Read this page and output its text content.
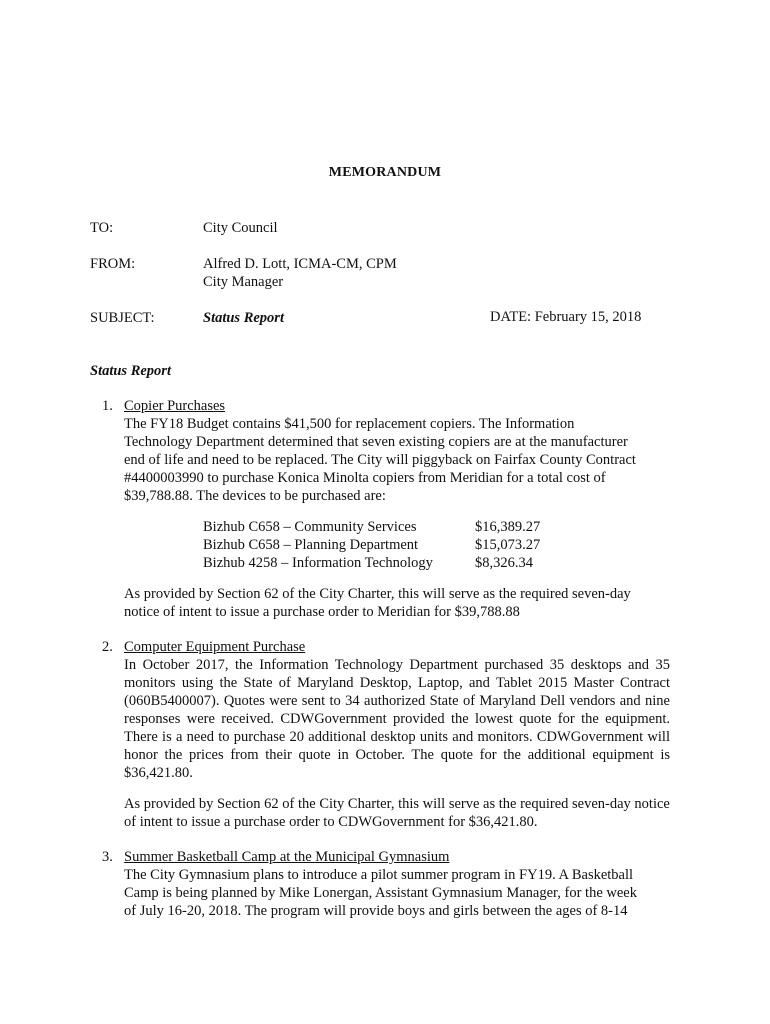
MEMORANDUM
TO:	City Council
FROM:	Alfred D. Lott, ICMA-CM, CPM
City Manager
SUBJECT:	Status Report	DATE: February 15, 2018
Status Report
1. Copier Purchases
The FY18 Budget contains $41,500 for replacement copiers. The Information
Technology Department determined that seven existing copiers are at the manufacturer
end of life and need to be replaced. The City will piggyback on Fairfax County Contract
#4400003990 to purchase Konica Minolta copiers from Meridian for a total cost of
$39,788.88. The devices to be purchased are:
Bizhub C658 – Community Services	$16,389.27
Bizhub C658 – Planning Department	$15,073.27
Bizhub 4258 – Information Technology	$8,326.34
As provided by Section 62 of the City Charter, this will serve as the required seven-day
notice of intent to issue a purchase order to Meridian for $39,788.88
2. Computer Equipment Purchase

In October 2017, the Information Technology Department purchased 35 desktops and 35 monitors using the State of Maryland Desktop, Laptop, and Tablet 2015 Master Contract (060B5400007). Quotes were sent to 34 authorized State of Maryland Dell vendors and nine responses were received. CDWGovernment provided the lowest quote for the equipment. There is a need to purchase 20 additional desktop units and monitors. CDWGovernment will honor the prices from their quote in October. The quote for the additional equipment is $36,421.80.

As provided by Section 62 of the City Charter, this will serve as the required seven-day notice of intent to issue a purchase order to CDWGovernment for $36,421.80.

3. Summer Basketball Camp at the Municipal Gymnasium
The City Gymnasium plans to introduce a pilot summer program in FY19. A Basketball
Camp is being planned by Mike Lonergan, Assistant Gymnasium Manager, for the week
of July 16-20, 2018. The program will provide boys and girls between the ages of 8-14
